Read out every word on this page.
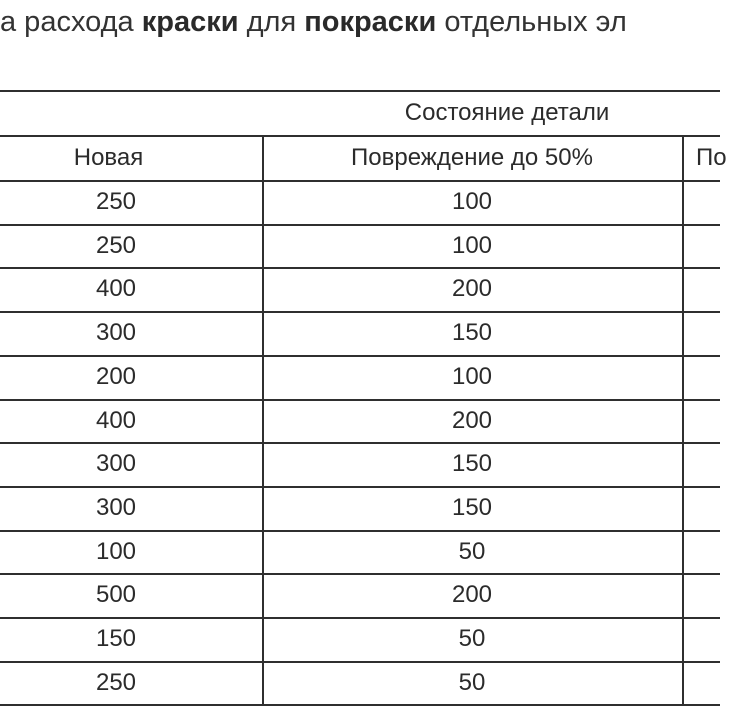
а расхода краски для покраски отдельных эл
Состояние детали
Новая	Повреждение до 50%	По
250	100
250	100
400	200
300	150
200	100
400	200
300	150
300	150
100	50
500	200
150	50
250	50
